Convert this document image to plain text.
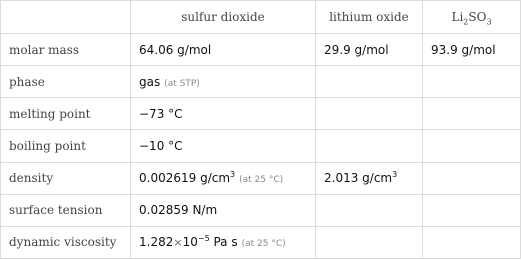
	sulfur dioxide	lithium oxide	$Li_2SO_3$
molar mass	64.06 g/mol	29.9 g/mol	93.9 g/mol
phase	gas (at STP)		
melting point	−73 °C		
boiling point	−10 °C		
density	0.002619 $g/cm^3(at$ 25 °C)	2.013 $g/cm^3$	
surface tension	0.02859 N/m		
dynamic viscosity	$1.282\times 10^{-5}$ Pa s (at 25 °C)		
